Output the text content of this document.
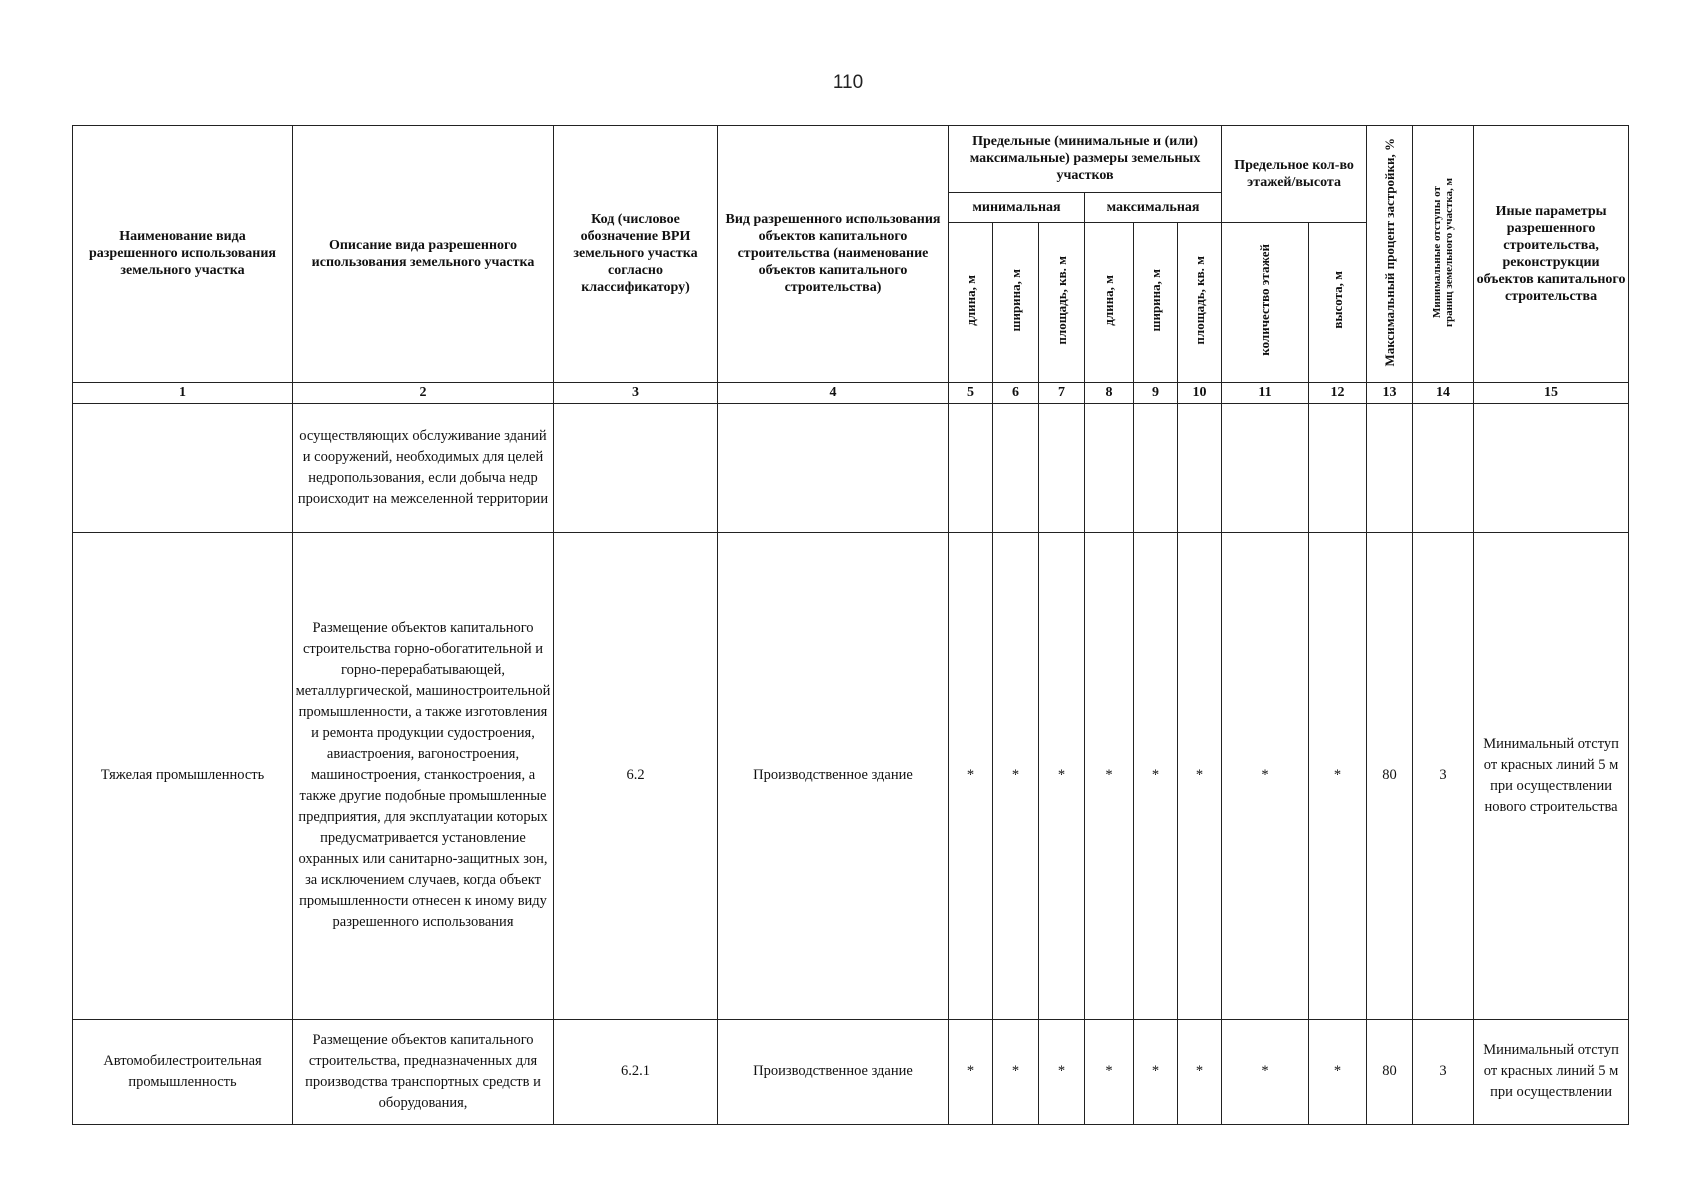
110
Наименование вида разрешенного использования земельного участка	Описание вида разрешенного использования земельного участка	Код (числовое обозначение ВРИ земельного участка согласно классификатору)	Вид разрешенного использования объектов капитального строительства (наименование объектов капитального строительства)	Предельные (минимальные и (или) максимальные) размеры земельных участков						Предельное кол-во этажей/высота		Максимальный процент застройки, %	Минимальные отступы от границ земельного участка, м	Иные параметры разрешенного строительства, реконструкции объектов капитального строительства
				минимальная			максимальная							
				длина, м	ширина, м	площадь, кв. м	длина, м	ширина, м	площадь, кв. м	количество этажей	высота, м			
1	2	3	4	5	6	7	8	9	10	11	12	13	14	15
	осуществляющих обслуживание зданий и сооружений, необходимых для целей недропользования, если добыча недр происходит на межселенной территории													
Тяжелая промышленность	Размещение объектов капитального строительства горно-обогатительной и горно-перерабатывающей, металлургической, машиностроительной промышленности, а также изготовления и ремонта продукции судостроения, авиастроения, вагоностроения, машиностроения, станкостроения, а также другие подобные промышленные предприятия, для эксплуатации которых предусматривается установление охранных или санитарно-защитных зон, за исключением случаев, когда объект промышленности отнесен к иному виду разрешенного использования	6.2	Производственное здание	*	*	*	*	*	*	*	*	80	3	Минимальный отступ от красных линий 5 м при осуществлении нового строительства
Автомобилестроительная промышленность	Размещение объектов капитального строительства, предназначенных для производства транспортных средств и оборудования,	6.2.1	Производственное здание	*	*	*	*	*	*	*	*	80	3	Минимальный отступ от красных линий 5 м при осуществлении
